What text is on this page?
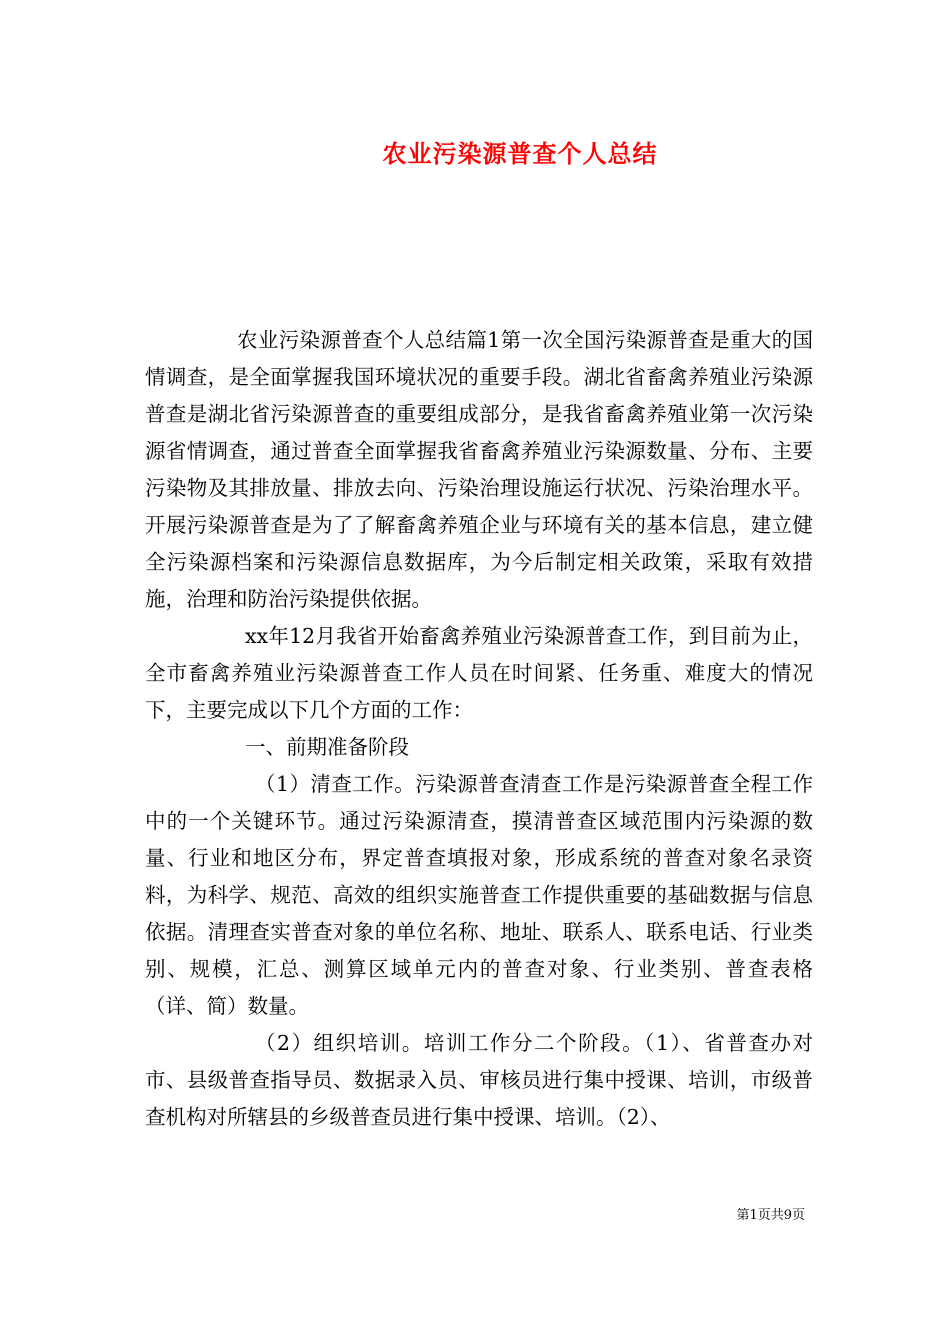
农业污染源普查个人总结

农业污染源普查个人总结篇1第一次全国污染源普查是重大的国情调查，是全面掌握我国环境状况的重要手段。湖北省畜禽养殖业污染源普查是湖北省污染源普查的重要组成部分，是我省畜禽养殖业第一次污染源省情调查，通过普查全面掌握我省畜禽养殖业污染源数量、分布、主要污染物及其排放量、排放去向、污染治理设施运行状况、污染治理水平。开展污染源普查是为了了解畜禽养殖企业与环境有关的基本信息，建立健全污染源档案和污染源信息数据库，为今后制定相关政策，采取有效措施，治理和防治污染提供依据。

xx年12月我省开始畜禽养殖业污染源普查工作，到目前为止，全市畜禽养殖业污染源普查工作人员在时间紧、任务重、难度大的情况下，主要完成以下几个方面的工作：

一、前期准备阶段

（1）清查工作。污染源普查清查工作是污染源普查全程工作中的一个关键环节。通过污染源清查，摸清普查区域范围内污染源的数量、行业和地区分布，界定普查填报对象，形成系统的普查对象名录资料，为科学、规范、高效的组织实施普查工作提供重要的基础数据与信息依据。清理查实普查对象的单位名称、地址、联系人、联系电话、行业类别、规模，汇总、测算区域单元内的普查对象、行业类别、普查表格（详、简）数量。

（2）组织培训。培训工作分二个阶段。（1）、省普查办对市、县级普查指导员、数据录入员、审核员进行集中授课、培训，市级普查机构对所辖县的乡级普查员进行集中授课、培训。（2）、

第1页共9页
